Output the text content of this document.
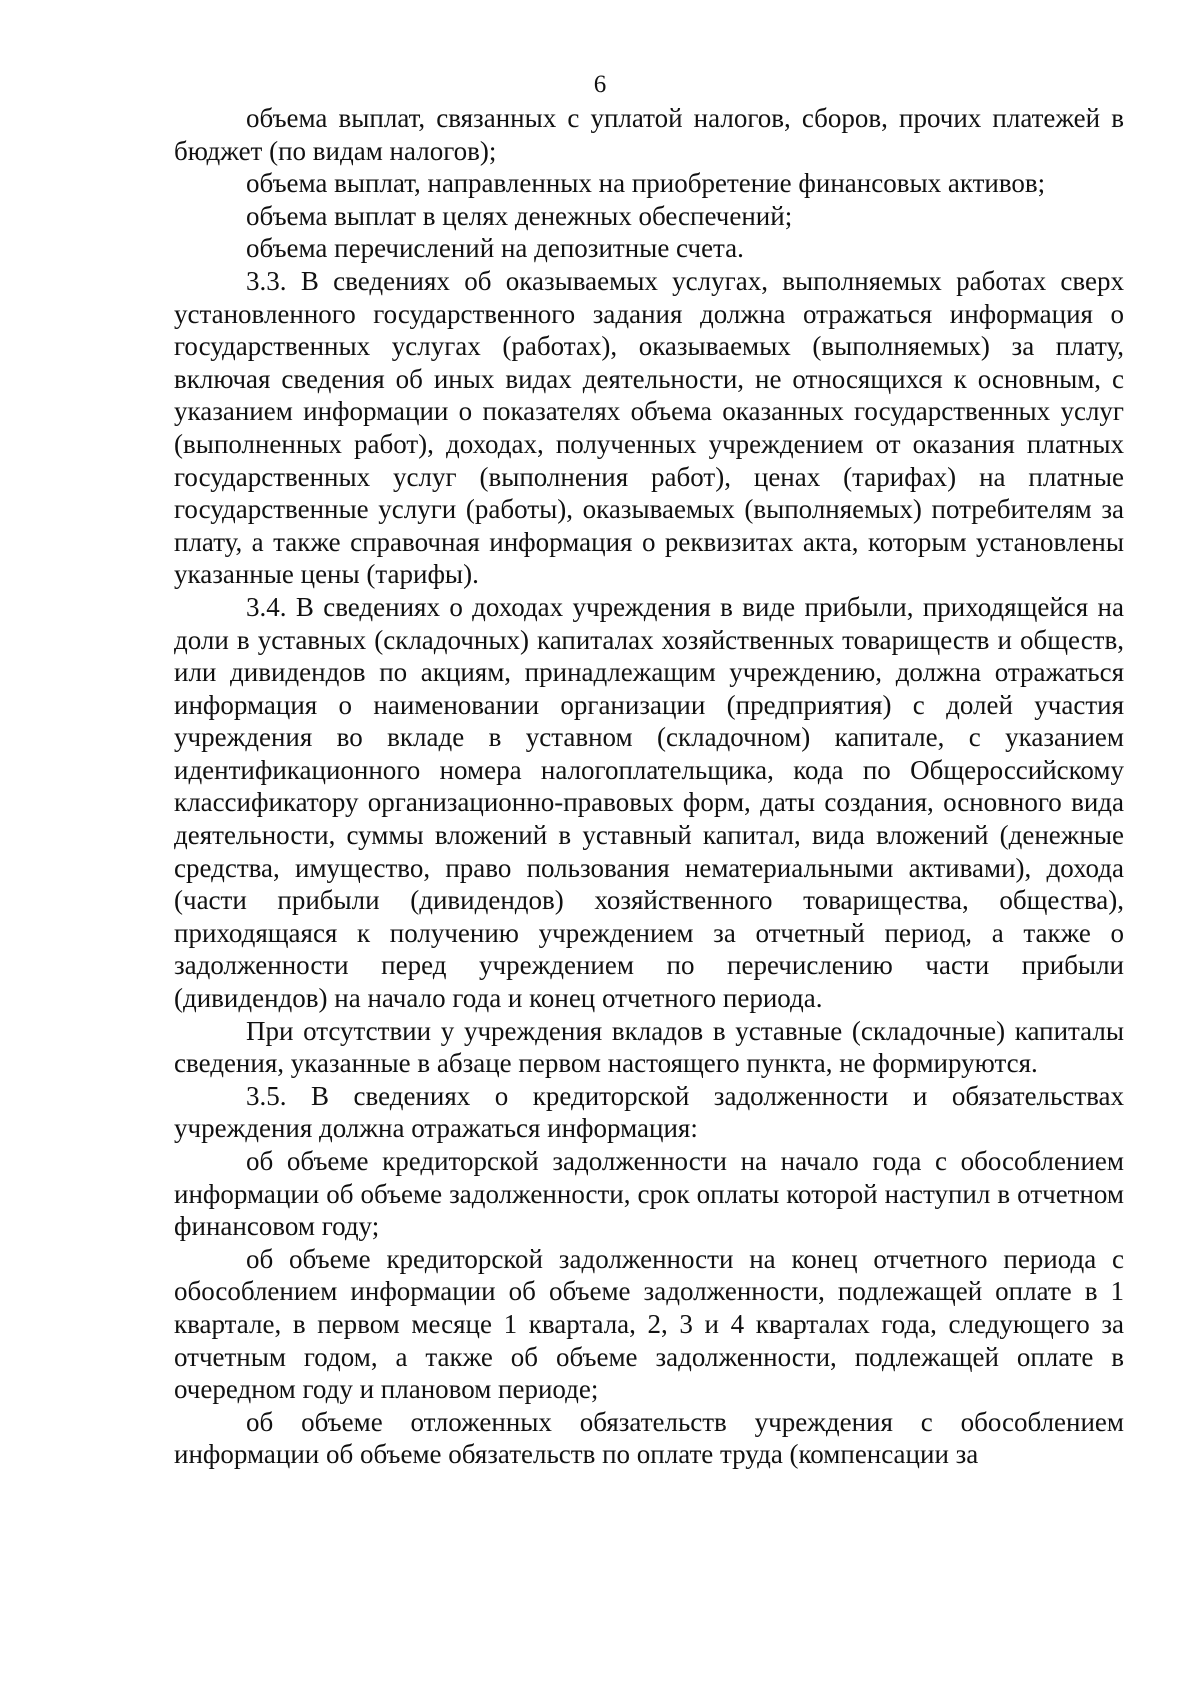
6

объема выплат, связанных с уплатой налогов, сборов, прочих платежей в бюджет (по видам налогов);

объема выплат, направленных на приобретение финансовых активов;

объема выплат в целях денежных обеспечений;

объема перечислений на депозитные счета.

3.3. В сведениях об оказываемых услугах, выполняемых работах сверх установленного государственного задания должна отражаться информация о государственных услугах (работах), оказываемых (выполняемых) за плату, включая сведения об иных видах деятельности, не относящихся к основным, с указанием информации о показателях объема оказанных государственных услуг (выполненных работ), доходах, полученных учреждением от оказания платных государственных услуг (выполнения работ), ценах (тарифах) на платные государственные услуги (работы), оказываемых (выполняемых) потребителям за плату, а также справочная информация о реквизитах акта, которым установлены указанные цены (тарифы).

3.4. В сведениях о доходах учреждения в виде прибыли, приходящейся на доли в уставных (складочных) капиталах хозяйственных товариществ и обществ, или дивидендов по акциям, принадлежащим учреждению, должна отражаться информация о наименовании организации (предприятия) с долей участия учреждения во вкладе в уставном (складочном) капитале, с указанием идентификационного номера налогоплательщика, кода по Общероссийскому классификатору организационно-правовых форм, даты создания, основного вида деятельности, суммы вложений в уставный капитал, вида вложений (денежные средства, имущество, право пользования нематериальными активами), дохода (части прибыли (дивидендов) хозяйственного товарищества, общества), приходящаяся к получению учреждением за отчетный период, а также о задолженности перед учреждением по перечислению части прибыли (дивидендов) на начало года и конец отчетного периода.

При отсутствии у учреждения вкладов в уставные (складочные) капиталы сведения, указанные в абзаце первом настоящего пункта, не формируются.

3.5. В сведениях о кредиторской задолженности и обязательствах учреждения должна отражаться информация:

об объеме кредиторской задолженности на начало года с обособлением информации об объеме задолженности, срок оплаты которой наступил в отчетном финансовом году;

об объеме кредиторской задолженности на конец отчетного периода с обособлением информации об объеме задолженности, подлежащей оплате в 1 квартале, в первом месяце 1 квартала, 2, 3 и 4 кварталах года, следующего за отчетным годом, а также об объеме задолженности, подлежащей оплате в очередном году и плановом периоде;

об объеме отложенных обязательств учреждения с обособлением информации об объеме обязательств по оплате труда (компенсации за
